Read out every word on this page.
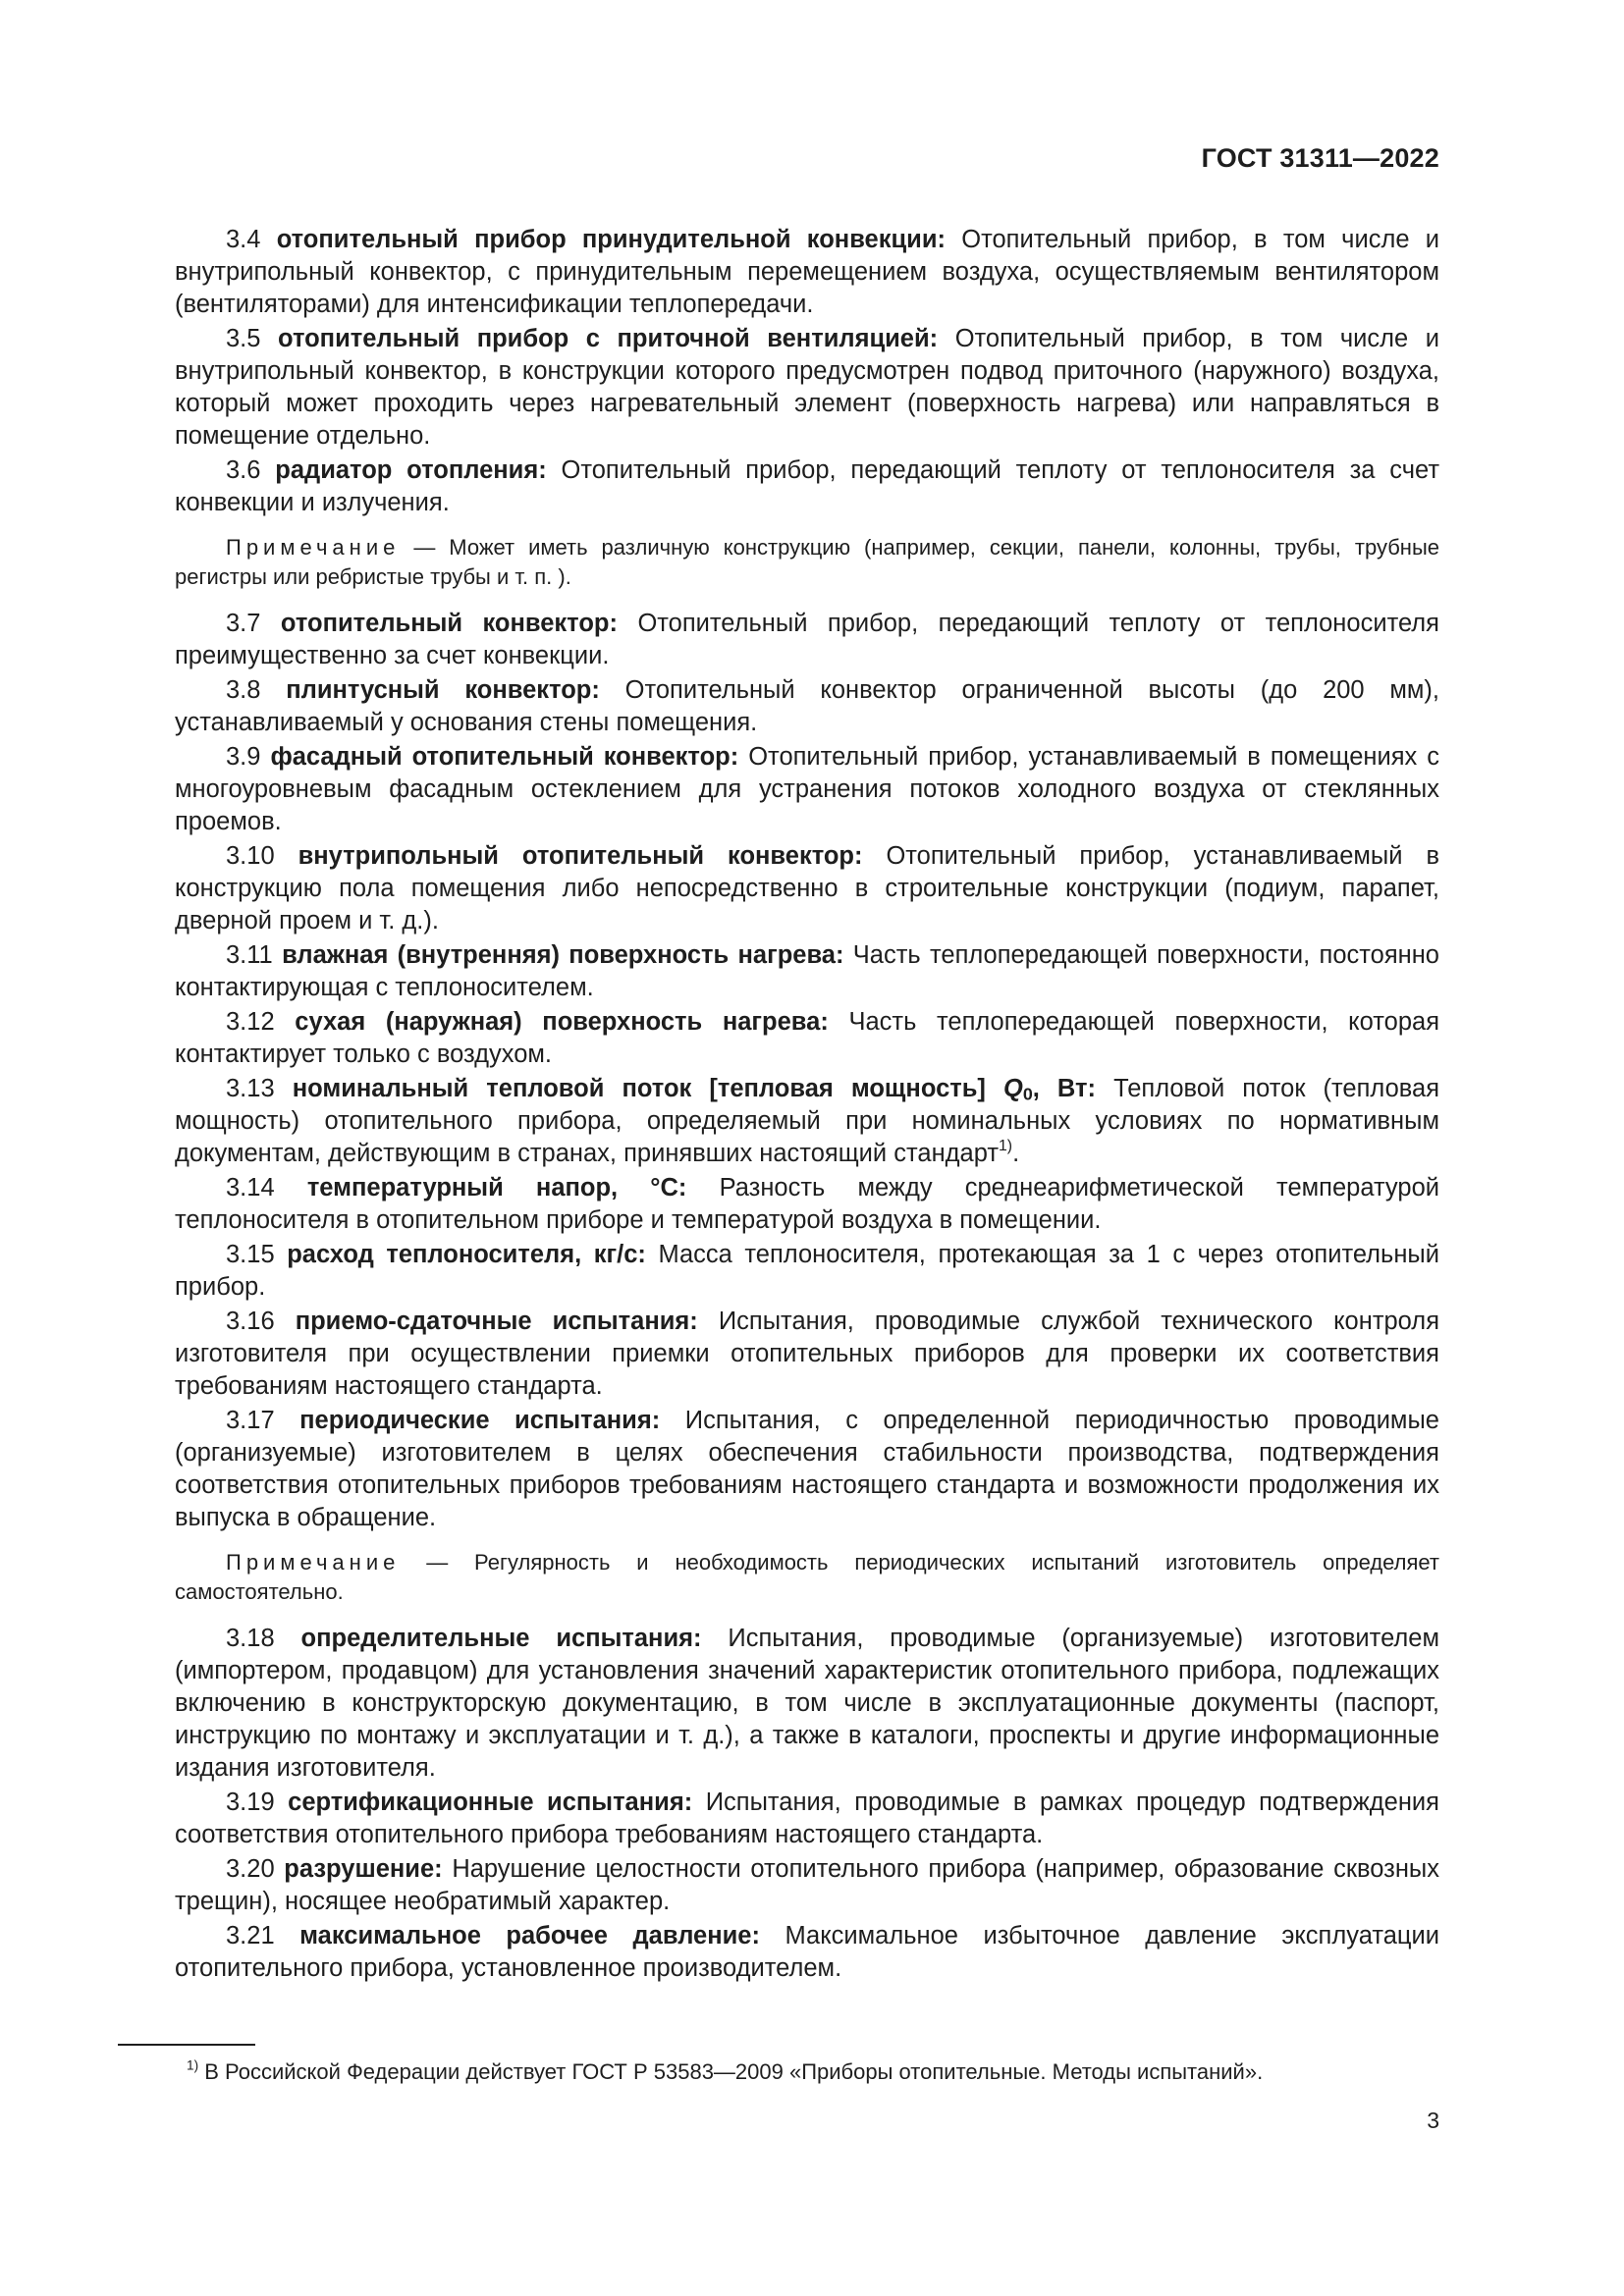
ГОСТ 31311—2022

3.4 отопительный прибор принудительной конвекции: Отопительный прибор, в том числе и внутрипольный конвектор, с принудительным перемещением воздуха, осуществляемым вентилятором (вентиляторами) для интенсификации теплопередачи.

3.5 отопительный прибор с приточной вентиляцией: Отопительный прибор, в том числе и внутрипольный конвектор, в конструкции которого предусмотрен подвод приточного (наружного) воздуха, который может проходить через нагревательный элемент (поверхность нагрева) или направляться в помещение отдельно.

3.6 радиатор отопления: Отопительный прибор, передающий теплоту от теплоносителя за счет конвекции и излучения.

Примечание — Может иметь различную конструкцию (например, секции, панели, колонны, трубы, трубные регистры или ребристые трубы и т. п. ).

3.7 отопительный конвектор: Отопительный прибор, передающий теплоту от теплоносителя преимущественно за счет конвекции.

3.8 плинтусный конвектор: Отопительный конвектор ограниченной высоты (до 200 мм), устанавливаемый у основания стены помещения.

3.9 фасадный отопительный конвектор: Отопительный прибор, устанавливаемый в помещениях с многоуровневым фасадным остеклением для устранения потоков холодного воздуха от стеклянных проемов.

3.10 внутрипольный отопительный конвектор: Отопительный прибор, устанавливаемый в конструкцию пола помещения либо непосредственно в строительные конструкции (подиум, парапет, дверной проем и т. д.).

3.11 влажная (внутренняя) поверхность нагрева: Часть теплопередающей поверхности, постоянно контактирующая с теплоносителем.

3.12 сухая (наружная) поверхность нагрева: Часть теплопередающей поверхности, которая контактирует только с воздухом.

3.13 номинальный тепловой поток [тепловая мощность] $Q_0$, Вт: Тепловой поток (тепловая мощность) отопительного прибора, определяемый при номинальных условиях по нормативным документам, действующим в странах, принявших настоящий стандарт$^{1)}$.

3.14 температурный напор, °С: Разность между среднеарифметической температурой теплоносителя в отопительном приборе и температурой воздуха в помещении.

3.15 расход теплоносителя, кг/с: Масса теплоносителя, протекающая за 1 с через отопительный прибор.

3.16 приемо-сдаточные испытания: Испытания, проводимые службой технического контроля изготовителя при осуществлении приемки отопительных приборов для проверки их соответствия требованиям настоящего стандарта.

3.17 периодические испытания: Испытания, с определенной периодичностью проводимые (организуемые) изготовителем в целях обеспечения стабильности производства, подтверждения соответствия отопительных приборов требованиям настоящего стандарта и возможности продолжения их выпуска в обращение.

Примечание — Регулярность и необходимость периодических испытаний изготовитель определяет самостоятельно.

3.18 определительные испытания: Испытания, проводимые (организуемые) изготовителем (импортером, продавцом) для установления значений характеристик отопительного прибора, подлежащих включению в конструкторскую документацию, в том числе в эксплуатационные документы (паспорт, инструкцию по монтажу и эксплуатации и т. д.), а также в каталоги, проспекты и другие информационные издания изготовителя.

3.19 сертификационные испытания: Испытания, проводимые в рамках процедур подтверждения соответствия отопительного прибора требованиям настоящего стандарта.

3.20 разрушение: Нарушение целостности отопительного прибора (например, образование сквозных трещин), носящее необратимый характер.

3.21 максимальное рабочее давление: Максимальное избыточное давление эксплуатации отопительного прибора, установленное производителем.

$^{1)}$ В Российской Федерации действует ГОСТ Р 53583—2009 «Приборы отопительные. Методы испытаний».
3
